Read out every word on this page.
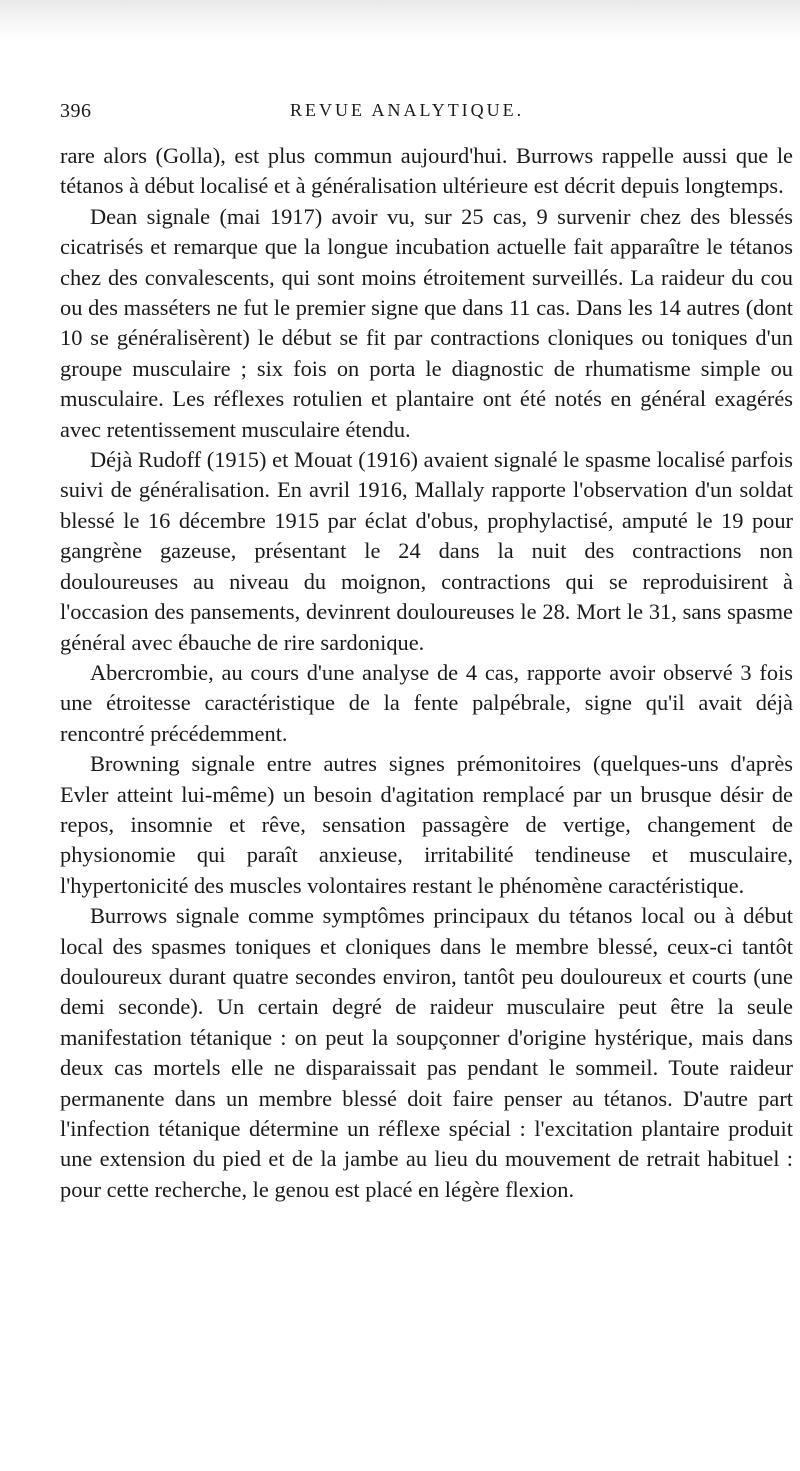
396	REVUE ANALYTIQUE.

rare alors (Golla), est plus commun aujourd'hui. Burrows rappelle aussi que le tétanos à début localisé et à généralisation ultérieure est décrit depuis longtemps.

Dean signale (mai 1917) avoir vu, sur 25 cas, 9 survenir chez des blessés cicatrisés et remarque que la longue incubation actuelle fait apparaître le tétanos chez des convalescents, qui sont moins étroitement surveillés. La raideur du cou ou des masséters ne fut le premier signe que dans 11 cas. Dans les 14 autres (dont 10 se généralisèrent) le début se fit par contractions cloniques ou toniques d'un groupe musculaire ; six fois on porta le diagnostic de rhumatisme simple ou musculaire. Les réflexes rotulien et plantaire ont été notés en général exagérés avec retentissement musculaire étendu.

Déjà Rudoff (1915) et Mouat (1916) avaient signalé le spasme localisé parfois suivi de généralisation. En avril 1916, Mallaly rapporte l'observation d'un soldat blessé le 16 décembre 1915 par éclat d'obus, prophylactisé, amputé le 19 pour gangrène gazeuse, présentant le 24 dans la nuit des contractions non douloureuses au niveau du moignon, contractions qui se reproduisirent à l'occasion des pansements, devinrent douloureuses le 28. Mort le 31, sans spasme général avec ébauche de rire sardonique.

Abercrombie, au cours d'une analyse de 4 cas, rapporte avoir observé 3 fois une étroitesse caractéristique de la fente palpébrale, signe qu'il avait déjà rencontré précédemment.

Browning signale entre autres signes prémonitoires (quelques-uns d'après Evler atteint lui-même) un besoin d'agitation remplacé par un brusque désir de repos, insomnie et rêve, sensation passagère de vertige, changement de physionomie qui paraît anxieuse, irritabilité tendineuse et musculaire, l'hypertonicité des muscles volontaires restant le phénomène caractéristique.

Burrows signale comme symptômes principaux du tétanos local ou à début local des spasmes toniques et cloniques dans le membre blessé, ceux-ci tantôt douloureux durant quatre secondes environ, tantôt peu douloureux et courts (une demi seconde). Un certain degré de raideur musculaire peut être la seule manifestation tétanique : on peut la soupçonner d'origine hystérique, mais dans deux cas mortels elle ne disparaissait pas pendant le sommeil. Toute raideur permanente dans un membre blessé doit faire penser au tétanos. D'autre part l'infection tétanique détermine un réflexe spécial : l'excitation plantaire produit une extension du pied et de la jambe au lieu du mouvement de retrait habituel : pour cette recherche, le genou est placé en légère flexion.
